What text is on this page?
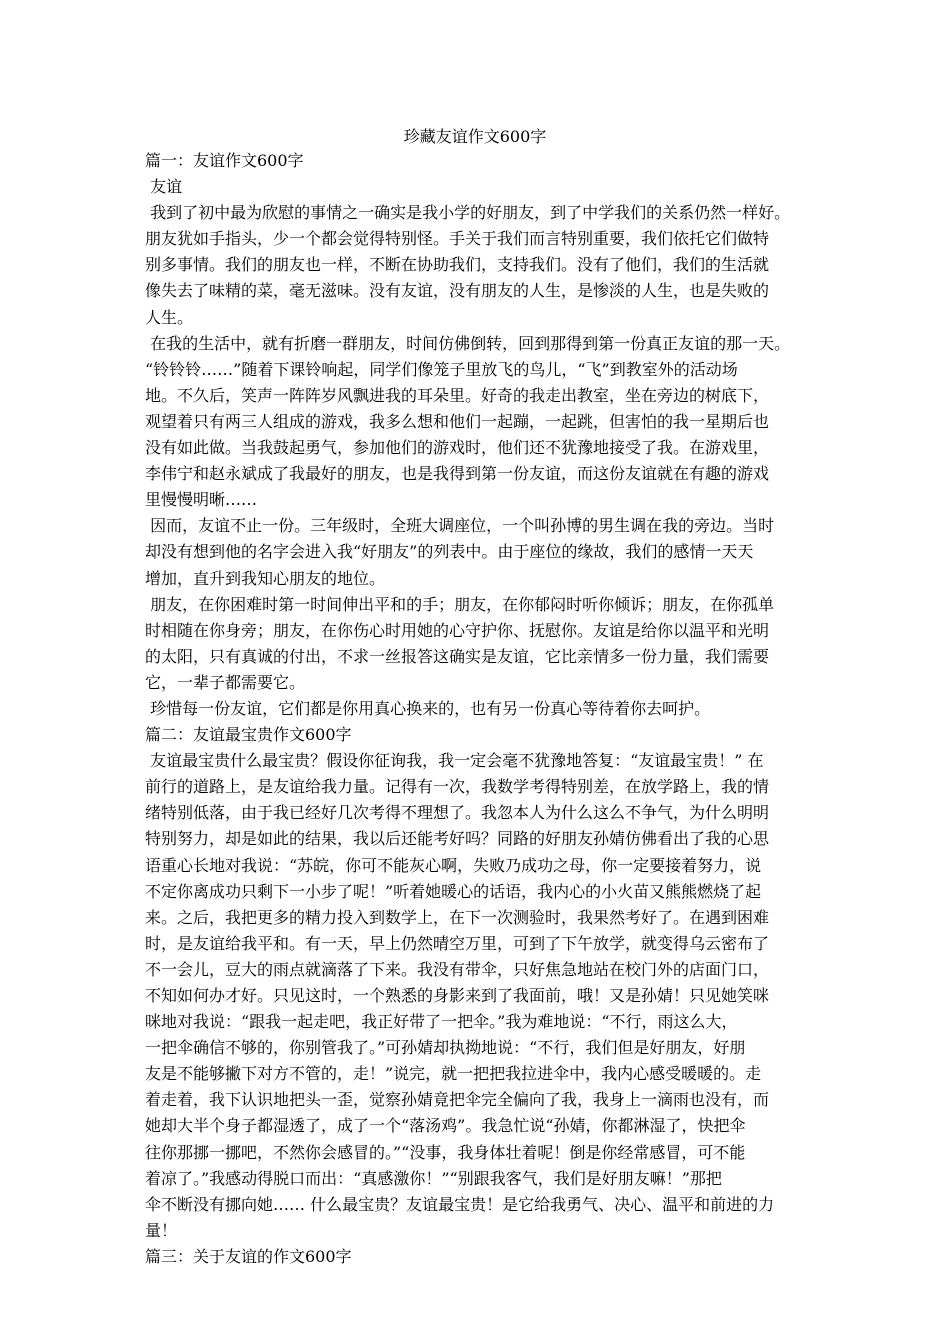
珍藏友谊作文600字

篇一：友谊作文600字

友谊

我到了初中最为欣慰的事情之一确实是我小学的好朋友，到了中学我们的关系仍然一样好。

朋友犹如手指头，少一个都会觉得特别怪。手关于我们而言特别重要，我们依托它们做特

别多事情。我们的朋友也一样，不断在协助我们，支持我们。没有了他们，我们的生活就

像失去了味精的菜，毫无滋味。没有友谊，没有朋友的人生，是惨淡的人生，也是失败的

人生。

在我的生活中，就有折磨一群朋友，时间仿佛倒转，回到那得到第一份真正友谊的那一天。

“铃铃铃……”随着下课铃响起，同学们像笼子里放飞的鸟儿，“飞”到教室外的活动场

地。不久后，笑声一阵阵岁风飘进我的耳朵里。好奇的我走出教室，坐在旁边的树底下，

观望着只有两三人组成的游戏，我多么想和他们一起蹦，一起跳，但害怕的我一星期后也

没有如此做。当我鼓起勇气，参加他们的游戏时，他们还不犹豫地接受了我。在游戏里，

李伟宁和赵永斌成了我最好的朋友，也是我得到第一份友谊，而这份友谊就在有趣的游戏

里慢慢明晰……

因而，友谊不止一份。三年级时，全班大调座位，一个叫孙博的男生调在我的旁边。当时

却没有想到他的名字会进入我“好朋友”的列表中。由于座位的缘故，我们的感情一天天

增加，直升到我知心朋友的地位。

朋友，在你困难时第一时间伸出平和的手；朋友，在你郁闷时听你倾诉；朋友，在你孤单

时相随在你身旁；朋友，在你伤心时用她的心守护你、抚慰你。友谊是给你以温平和光明

的太阳，只有真诚的付出，不求一丝报答这确实是友谊，它比亲情多一份力量，我们需要

它，一辈子都需要它。

珍惜每一份友谊，它们都是你用真心换来的，也有另一份真心等待着你去呵护。

篇二：友谊最宝贵作文600字

友谊最宝贵什么最宝贵？假设你征询我，我一定会毫不犹豫地答复：“友谊最宝贵！” 在

前行的道路上，是友谊给我力量。记得有一次，我数学考得特别差，在放学路上，我的情

绪特别低落，由于我已经好几次考得不理想了。我忽本人为什么这么不争气，为什么明明

特别努力，却是如此的结果，我以后还能考好吗？同路的好朋友孙婧仿佛看出了我的心思

语重心长地对我说：“苏皖，你可不能灰心啊，失败乃成功之母，你一定要接着努力，说

不定你离成功只剩下一小步了呢！”听着她暖心的话语，我内心的小火苗又熊熊燃烧了起

来。之后，我把更多的精力投入到数学上，在下一次测验时，我果然考好了。在遇到困难

时，是友谊给我平和。有一天，早上仍然晴空万里，可到了下午放学，就变得乌云密布了

不一会儿，豆大的雨点就滴落了下来。我没有带伞，只好焦急地站在校门外的店面门口，

不知如何办才好。只见这时，一个熟悉的身影来到了我面前，哦！又是孙婧！只见她笑咪

咪地对我说：“跟我一起走吧，我正好带了一把伞。”我为难地说：“不行，雨这么大，

一把伞确信不够的，你别管我了。”可孙婧却执拗地说：“不行，我们但是好朋友，好朋

友是不能够撇下对方不管的，走！”说完，就一把把我拉进伞中，我内心感受暖暖的。走

着走着，我下认识地把头一歪，觉察孙婧竟把伞完全偏向了我，我身上一滴雨也没有，而

她却大半个身子都湿透了，成了一个“落汤鸡”。我急忙说“孙婧，你都淋湿了，快把伞

往你那挪一挪吧，不然你会感冒的。”“没事，我身体壮着呢！倒是你经常感冒，可不能

着凉了。”我感动得脱口而出：“真感激你！”“别跟我客气，我们是好朋友嘛！”那把

伞不断没有挪向她…… 什么最宝贵？友谊最宝贵！是它给我勇气、决心、温平和前进的力

量！

篇三：关于友谊的作文600字
